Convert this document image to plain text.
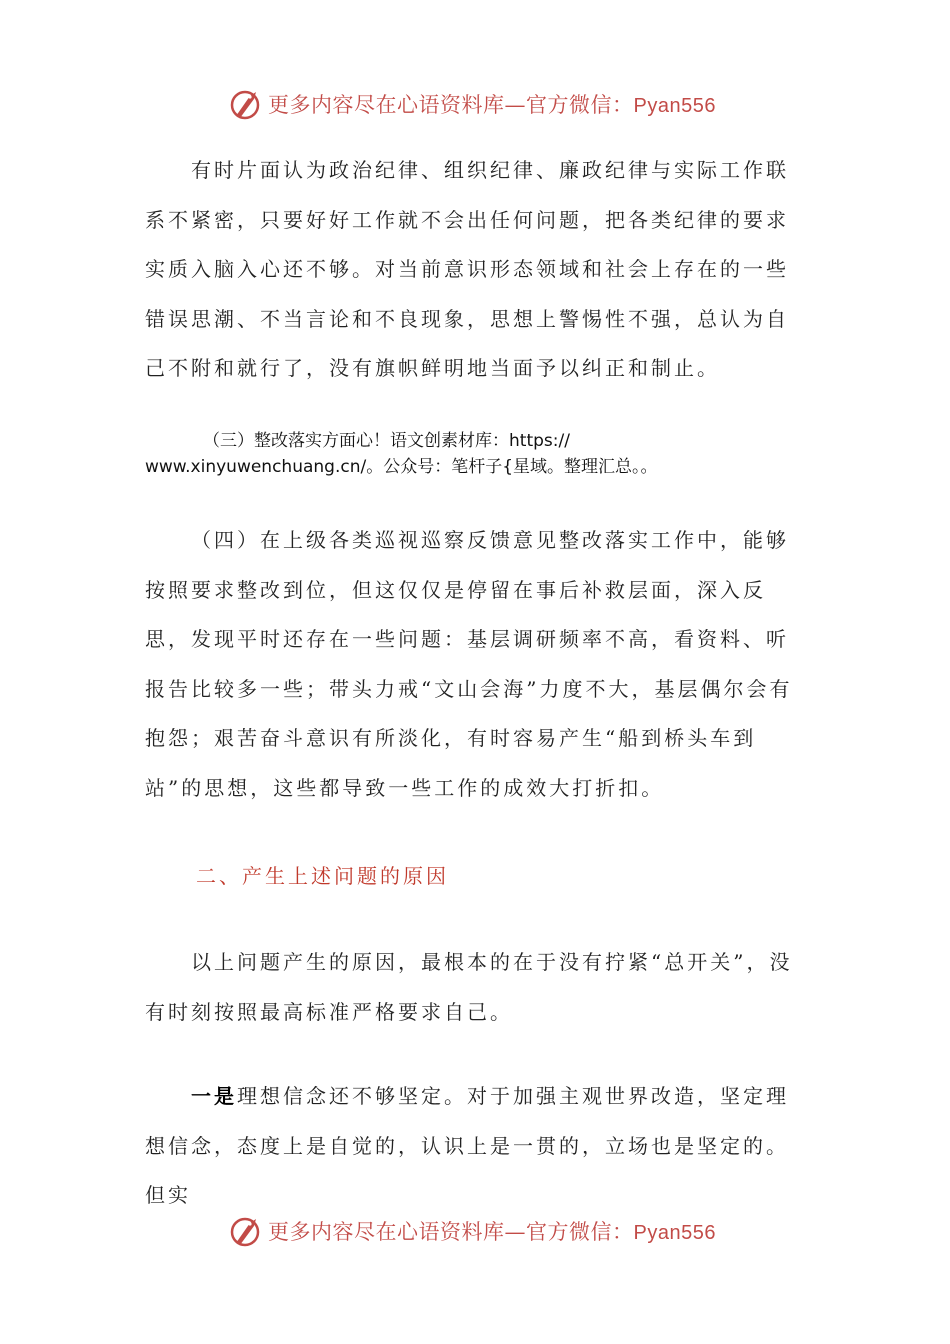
更多内容尽在心语资料库—官方微信：Pyan556

有时片面认为政治纪律、组织纪律、廉政纪律与实际工作联系不紧密，只要好好工作就不会出任何问题，把各类纪律的要求实质入脑入心还不够。对当前意识形态领域和社会上存在的一些错误思潮、不当言论和不良现象，思想上警惕性不强，总认为自己不附和就行了，没有旗帜鲜明地当面予以纠正和制止。

（三）整改落实方面心！语文创素材库：https://
www.xinyuwenchuang.cn/。公众号：笔杆子{星域。整理汇总。。

（四）在上级各类巡视巡察反馈意见整改落实工作中，能够按照要求整改到位，但这仅仅是停留在事后补救层面，深入反思，发现平时还存在一些问题：基层调研频率不高，看资料、听报告比较多一些；带头力戒“文山会海”力度不大，基层偶尔会有抱怨；艰苦奋斗意识有所淡化，有时容易产生“船到桥头车到站”的思想，这些都导致一些工作的成效大打折扣。

二、产生上述问题的原因

以上问题产生的原因，最根本的在于没有拧紧“总开关”，没有时刻按照最高标准严格要求自己。

一是理想信念还不够坚定。对于加强主观世界改造，坚定理想信念，态度上是自觉的，认识上是一贯的，立场也是坚定的。但实

更多内容尽在心语资料库—官方微信：Pyan556
